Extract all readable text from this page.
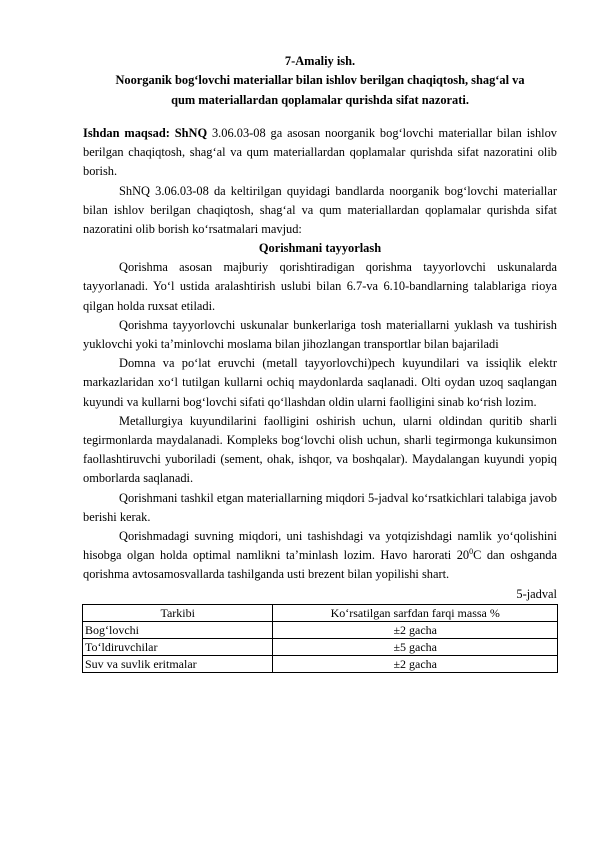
7-Amaliy ish.

Noorganik bog‘lovchi materiallar bilan ishlov berilgan chaqiqtosh, shag‘al va

qum materiallardan qoplamalar qurishda sifat nazorati.

Ishdan maqsad: ShNQ 3.06.03-08 ga asosan noorganik bog‘lovchi materiallar bilan ishlov berilgan chaqiqtosh, shag‘al va qum materiallardan qoplamalar qurishda sifat nazoratini olib borish.

ShNQ 3.06.03-08 da keltirilgan quyidagi bandlarda noorganik bog‘lovchi materiallar bilan ishlov berilgan chaqiqtosh, shag‘al va qum materiallardan qoplamalar qurishda sifat nazoratini olib borish ko‘rsatmalari mavjud:

Qorishmani tayyorlash

Qorishma asosan majburiy qorishtiradigan qorishma tayyorlovchi uskunalarda tayyorlanadi. Yo‘l ustida aralashtirish uslubi bilan 6.7-va 6.10-bandlarning talablariga rioya qilgan holda ruxsat etiladi.

Qorishma tayyorlovchi uskunalar bunkerlariga tosh materiallarni yuklash va tushirish yuklovchi yoki ta’minlovchi moslama bilan jihozlangan transportlar bilan bajariladi

Domna va po‘lat eruvchi (metall tayyorlovchi)pech kuyundilari va issiqlik elektr markazlaridan xo‘l tutilgan kullarni ochiq maydonlarda saqlanadi. Olti oydan uzoq saqlangan kuyundi va kullarni bog‘lovchi sifati qo‘llashdan oldin ularni faolligini sinab ko‘rish lozim.

Metallurgiya kuyundilarini faolligini oshirish uchun, ularni oldindan quritib sharli tegirmonlarda maydalanadi. Kompleks bog‘lovchi olish uchun, sharli tegirmonga kukunsimon faollashtiruvchi yuboriladi (sement, ohak, ishqor, va boshqalar). Maydalangan kuyundi yopiq omborlarda saqlanadi.

Qorishmani tashkil etgan materiallarning miqdori 5-jadval ko‘rsatkichlari talabiga javob berishi kerak.

Qorishmadagi suvning miqdori, uni tashishdagi va yotqizishdagi namlik yo‘qolishini hisobga olgan holda optimal namlikni ta’minlash lozim. Havo harorati $20^0C$ dan oshganda qorishma avtosamosvallarda tashilganda usti brezent bilan yopilishi shart.

5-jadval

Tarkibi	Ko‘rsatilgan sarfdan farqi massa %
Bog‘lovchi	±2 gacha
To‘ldiruvchilar	±5 gacha
Suv va suvlik eritmalar	±2 gacha
